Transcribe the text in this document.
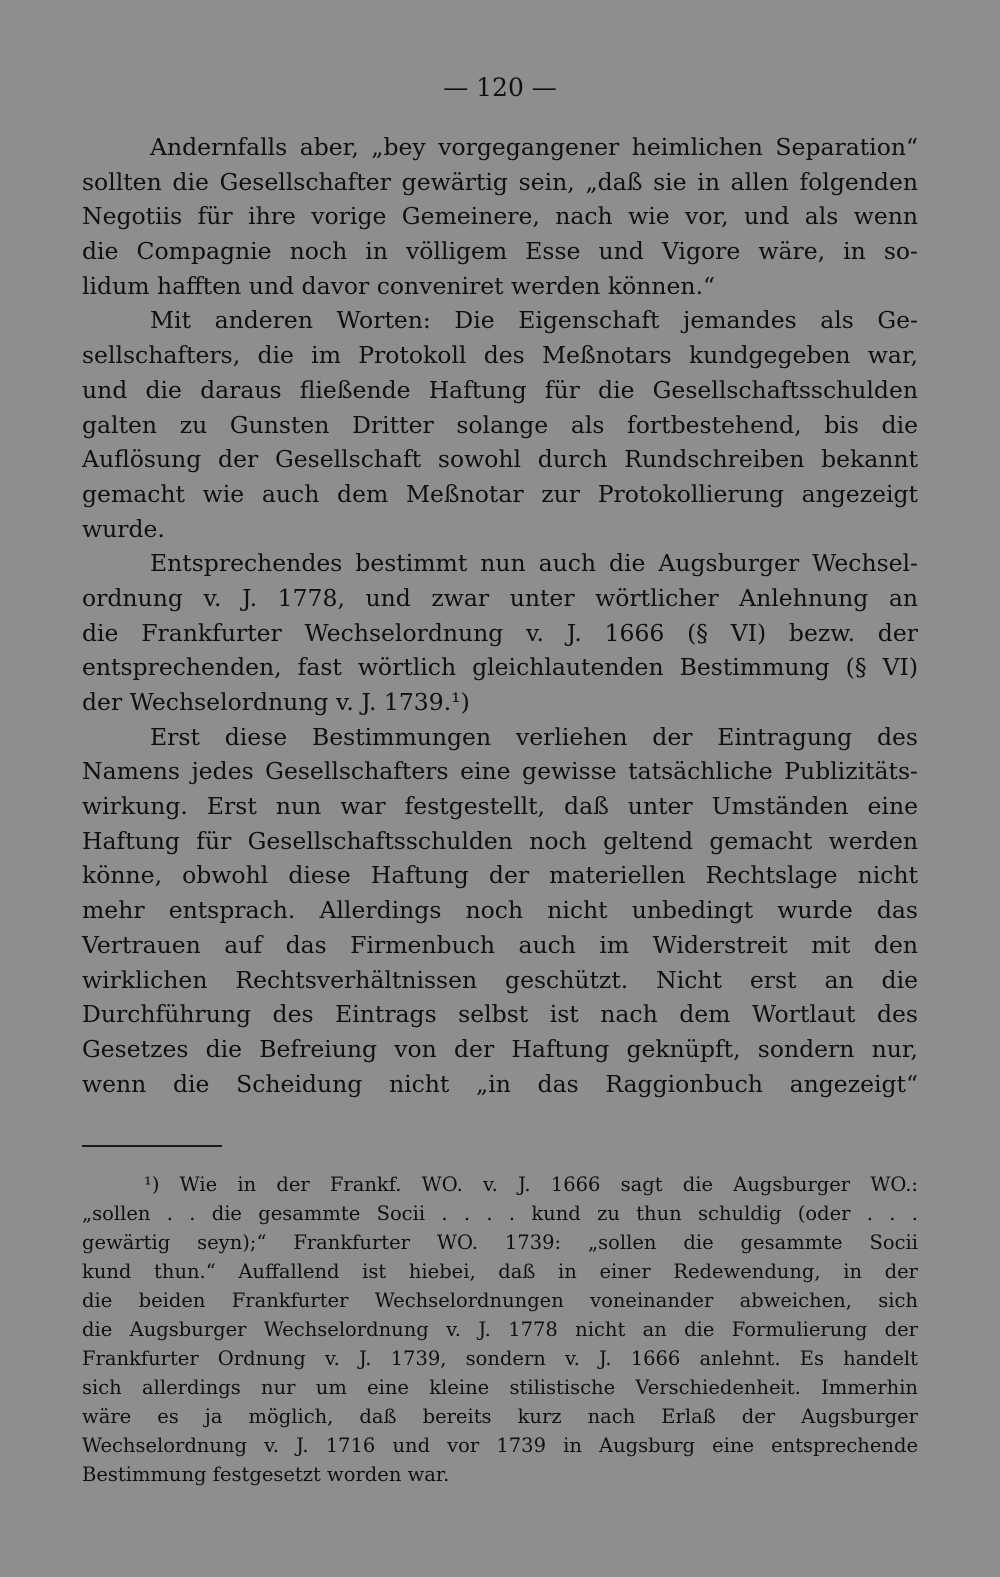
— 120 —
Andernfalls aber, „bey vorgegangener heimlichen Separation“
sollten die Gesellschafter gewärtig sein, „daß sie in allen folgenden
Negotiis für ihre vorige Gemeinere, nach wie vor, und als wenn
die Compagnie noch in völligem Esse und Vigore wäre, in so-
lidum hafften und davor conveniret werden können.“
Mit anderen Worten: Die Eigenschaft jemandes als Ge-
sellschafters, die im Protokoll des Meßnotars kundgegeben war,
und die daraus fließende Haftung für die Gesellschaftsschulden
galten zu Gunsten Dritter solange als fortbestehend, bis die
Auflösung der Gesellschaft sowohl durch Rundschreiben bekannt
gemacht wie auch dem Meßnotar zur Protokollierung angezeigt
wurde.
Entsprechendes bestimmt nun auch die Augsburger Wechsel-
ordnung v. J. 1778, und zwar unter wörtlicher Anlehnung an
die Frankfurter Wechselordnung v. J. 1666 (§ VI) bezw. der
entsprechenden, fast wörtlich gleichlautenden Bestimmung (§ VI)
der Wechselordnung v. J. 1739.¹)
Erst diese Bestimmungen verliehen der Eintragung des
Namens jedes Gesellschafters eine gewisse tatsächliche Publizitäts-
wirkung. Erst nun war festgestellt, daß unter Umständen eine
Haftung für Gesellschaftsschulden noch geltend gemacht werden
könne, obwohl diese Haftung der materiellen Rechtslage nicht
mehr entsprach. Allerdings noch nicht unbedingt wurde das
Vertrauen auf das Firmenbuch auch im Widerstreit mit den
wirklichen Rechtsverhältnissen geschützt. Nicht erst an die
Durchführung des Eintrags selbst ist nach dem Wortlaut des
Gesetzes die Befreiung von der Haftung geknüpft, sondern nur,
wenn die Scheidung nicht „in das Raggionbuch angezeigt“
¹) Wie in der Frankf. WO. v. J. 1666 sagt die Augsburger WO.:
„sollen . . die gesammte Socii . . . . kund zu thun schuldig (oder . . .
gewärtig seyn);“ Frankfurter WO. 1739: „sollen die gesammte Socii
kund thun.“ Auffallend ist hiebei, daß in einer Redewendung, in der
die beiden Frankfurter Wechselordnungen voneinander abweichen, sich
die Augsburger Wechselordnung v. J. 1778 nicht an die Formulierung der
Frankfurter Ordnung v. J. 1739, sondern v. J. 1666 anlehnt. Es handelt
sich allerdings nur um eine kleine stilistische Verschiedenheit. Immerhin
wäre es ja möglich, daß bereits kurz nach Erlaß der Augsburger
Wechselordnung v. J. 1716 und vor 1739 in Augsburg eine entsprechende
Bestimmung festgesetzt worden war.
